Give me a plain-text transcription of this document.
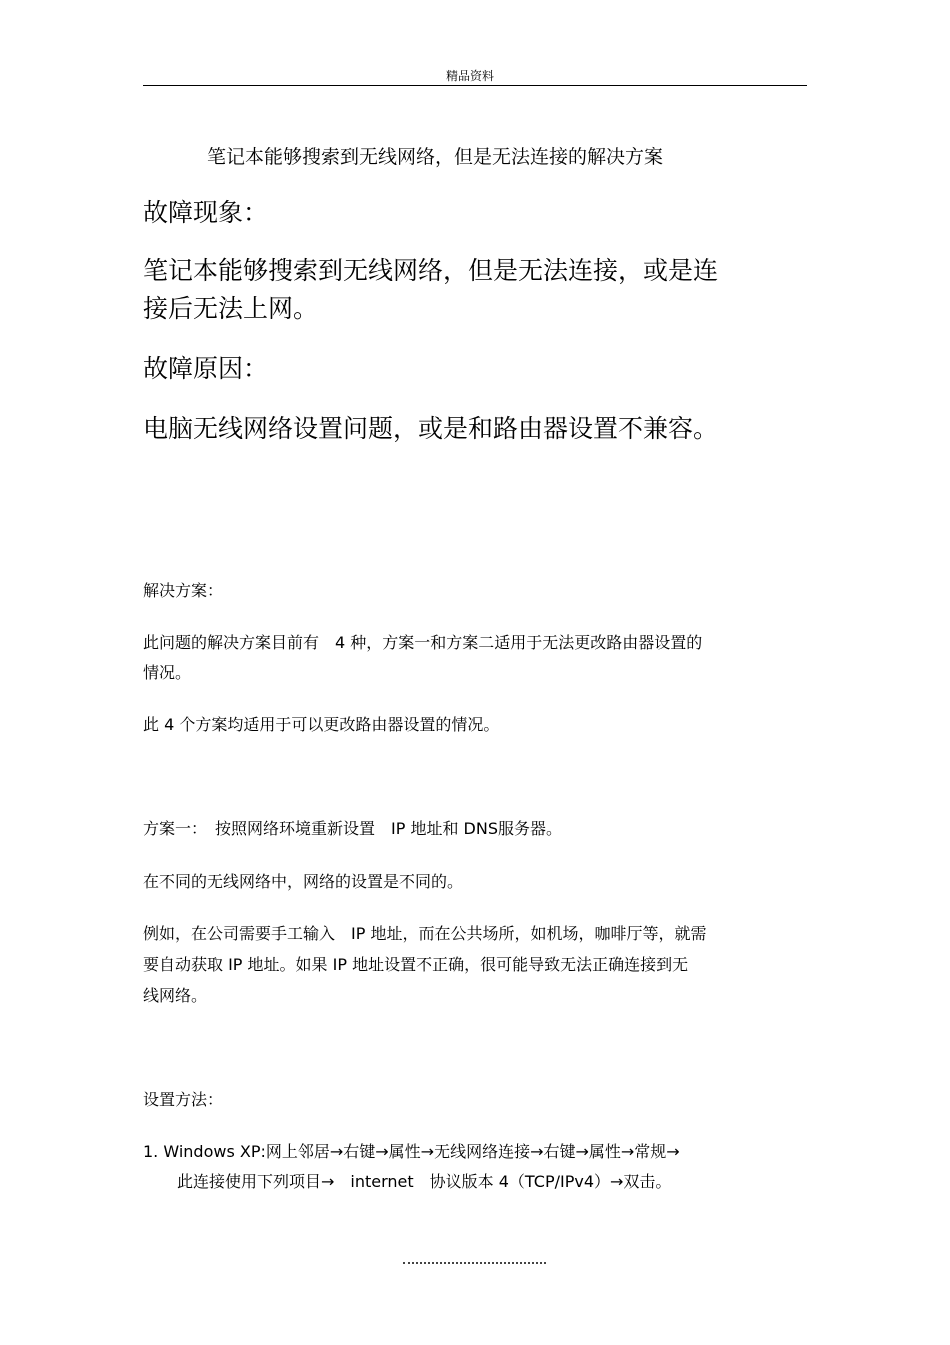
精品资料
笔记本能够搜索到无线网络，但是无法连接的解决方案
故障现象：
笔记本能够搜索到无线网络，但是无法连接，或是连
接后无法上网。
故障原因：
电脑无线网络设置问题，或是和路由器设置不兼容。
解决方案：
此问题的解决方案目前有　4 种，方案一和方案二适用于无法更改路由器设置的
情况。
此 4 个方案均适用于可以更改路由器设置的情况。
方案一：　按照网络环境重新设置　IP 地址和 DNS服务器。
在不同的无线网络中，网络的设置是不同的。
例如，在公司需要手工输入　IP 地址，而在公共场所，如机场，咖啡厅等，就需
要自动获取 IP 地址。如果 IP 地址设置不正确，很可能导致无法正确连接到无
线网络。
设置方法：
1. Windows XP:网上邻居→右键→属性→无线网络连接→右键→属性→常规→
此连接使用下列项目→　internet　协议版本 4（TCP/IPv4）→双击。
